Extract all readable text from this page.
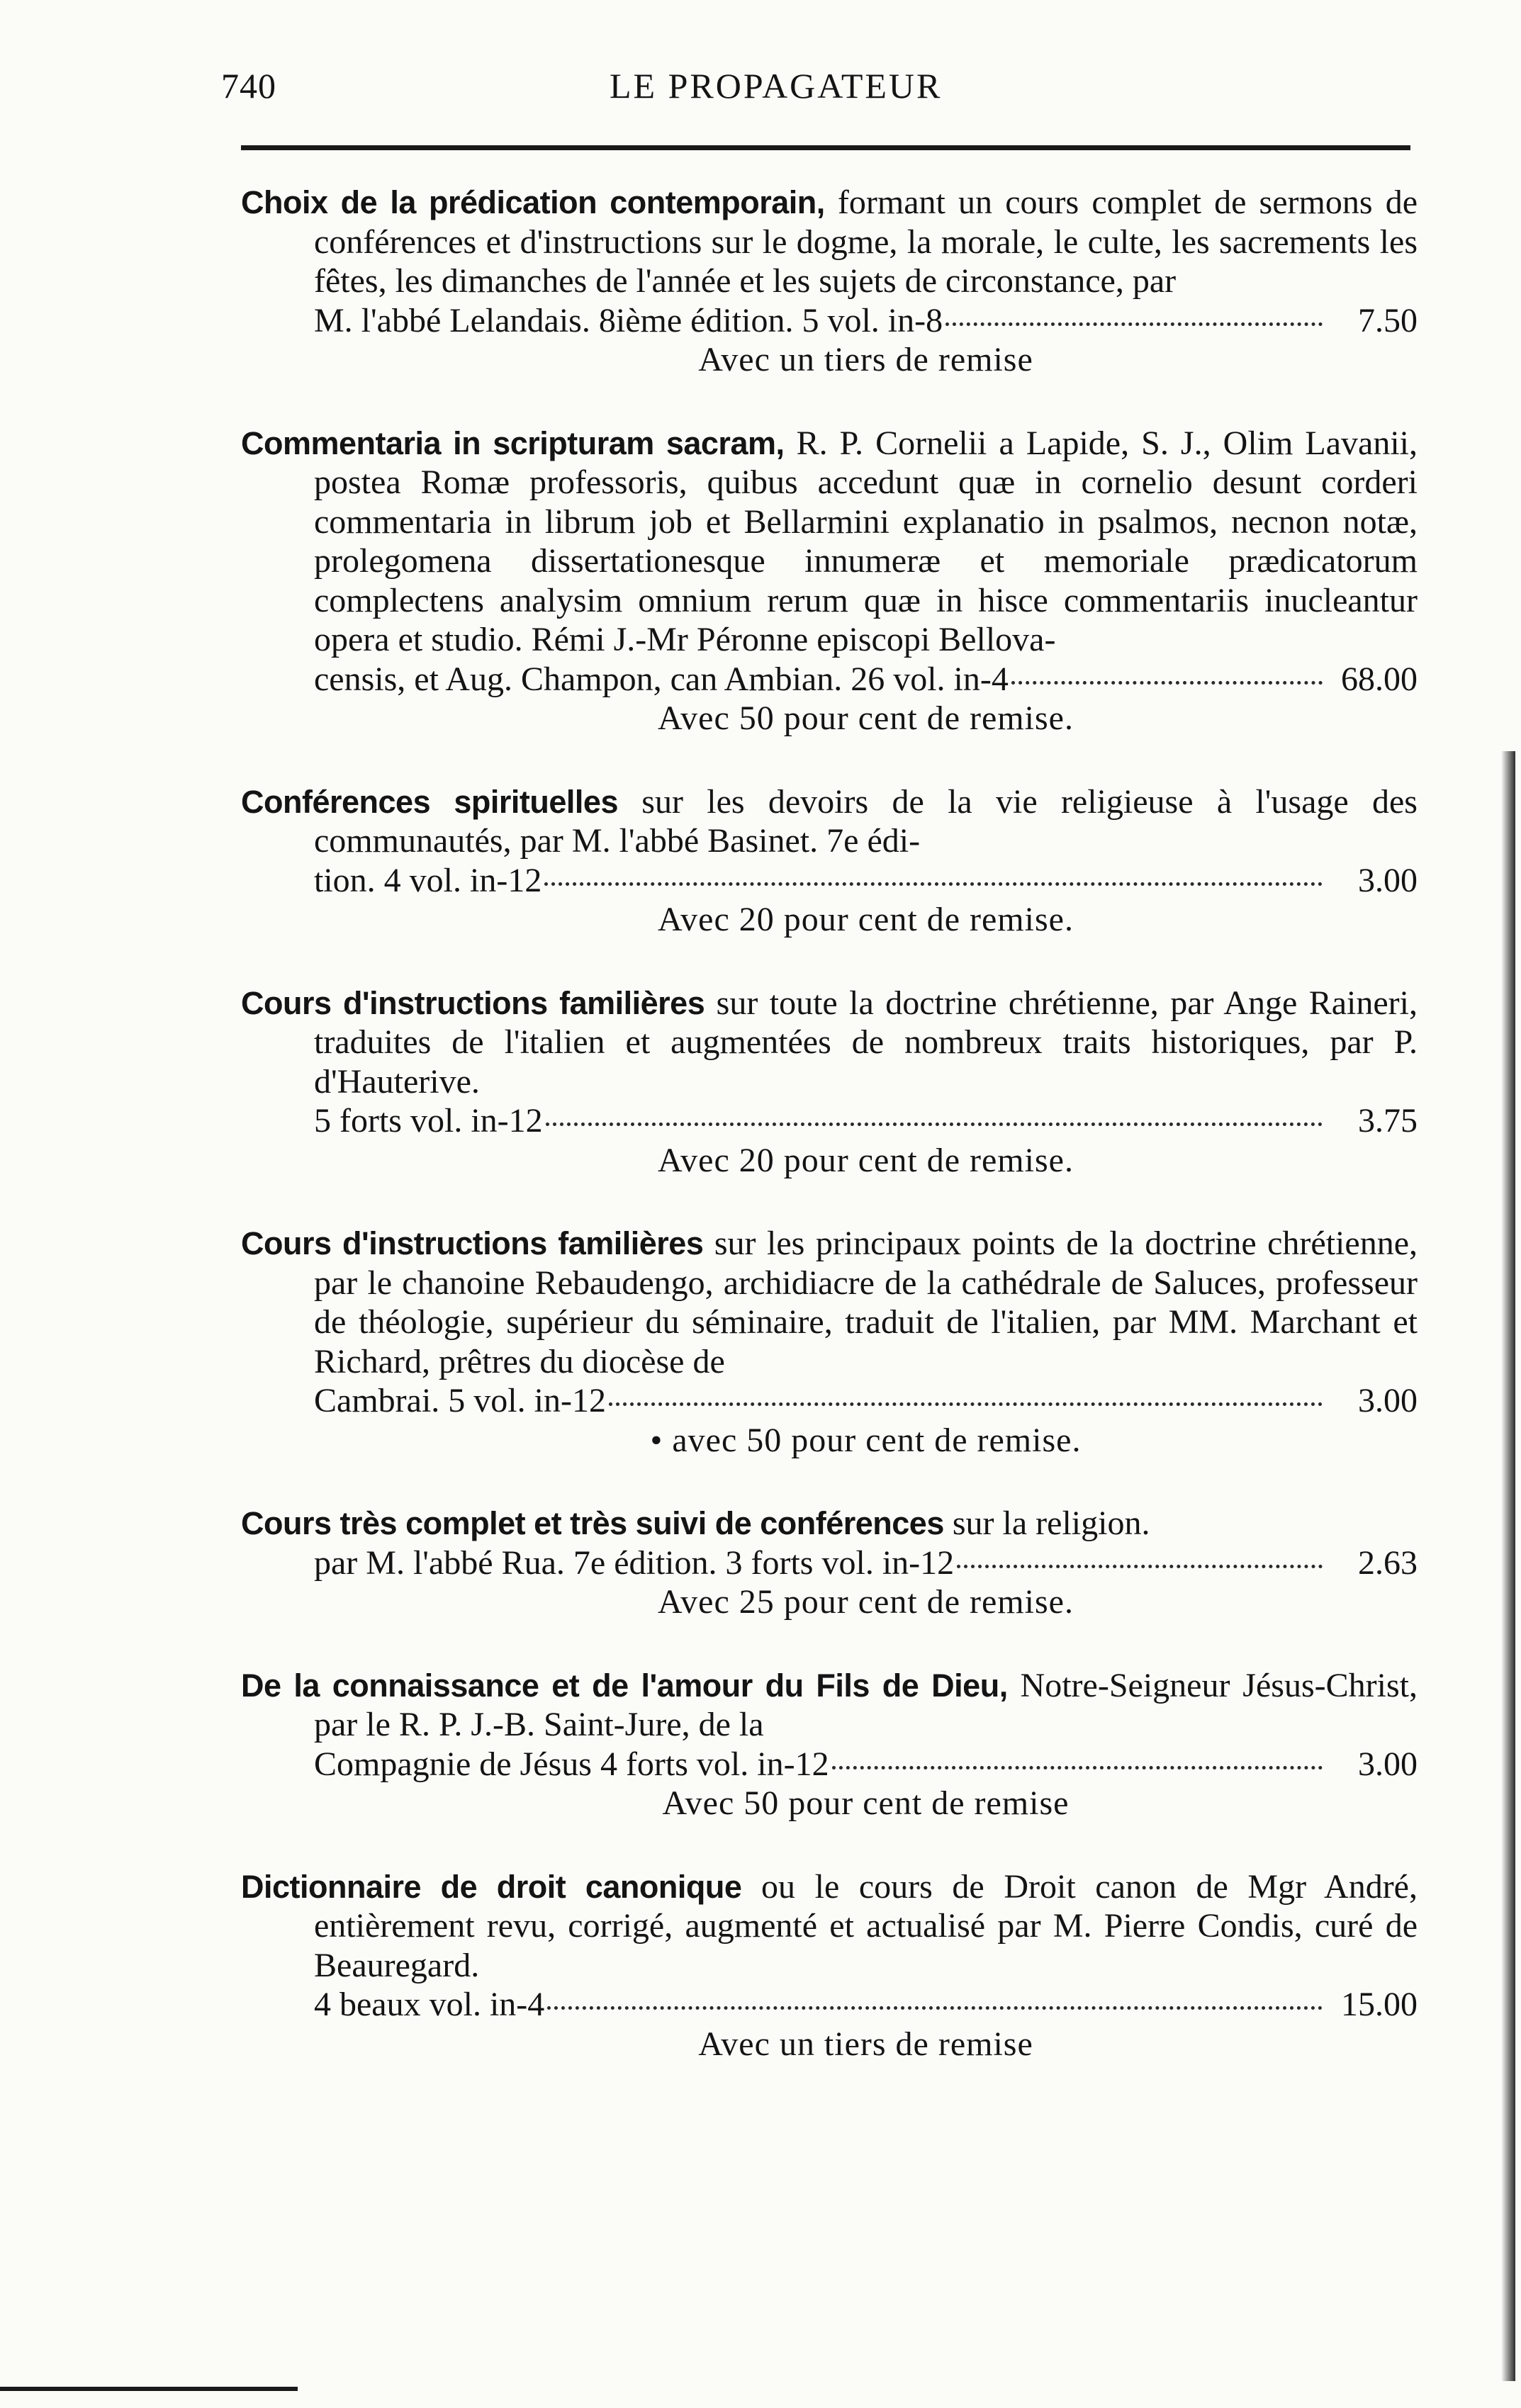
740	LE PROPAGATEUR

Choix de la prédication contemporain, formant un cours complet de sermons de conférences et d'instructions sur le dogme, la morale, le culte, les sacrements les fêtes, les dimanches de l'année et les sujets de circonstance, par

M. l'abbé Lelandais. 8ième édition. 5 vol. in-8	7.50
Avec un tiers de remise

Commentaria in scripturam sacram, R. P. Cornelii a Lapide, S. J., Olim Lavanii, postea Romæ professoris, quibus accedunt quæ in cornelio desunt corderi commentaria in librum job et Bellarmini explanatio in psalmos, necnon notæ, prolegomena dissertationesque innumeræ et memoriale prædicatorum complectens analysim omnium rerum quæ in hisce commentariis inucleantur opera et studio. Rémi J.-Mr Péronne episcopi Bellova-

censis, et Aug. Champon, can Ambian. 26 vol. in-4	68.00
Avec 50 pour cent de remise.

Conférences spirituelles sur les devoirs de la vie religieuse à l'usage des communautés, par M. l'abbé Basinet. 7e édi-

tion. 4 vol. in-12	3.00
Avec 20 pour cent de remise.

Cours d'instructions familières sur toute la doctrine chrétienne, par Ange Raineri, traduites de l'italien et augmentées de nombreux traits historiques, par P. d'Hauterive.

5 forts vol. in-12	3.75
Avec 20 pour cent de remise.

Cours d'instructions familières sur les principaux points de la doctrine chrétienne, par le chanoine Rebaudengo, archidiacre de la cathédrale de Saluces, professeur de théologie, supérieur du séminaire, traduit de l'italien, par MM. Marchant et Richard, prêtres du diocèse de

Cambrai. 5 vol. in-12	3.00
• avec 50 pour cent de remise.

Cours très complet et très suivi de conférences sur la religion.

par M. l'abbé Rua. 7e édition. 3 forts vol. in-12	2.63
Avec 25 pour cent de remise.

De la connaissance et de l'amour du Fils de Dieu, Notre-Seigneur Jésus-Christ, par le R. P. J.-B. Saint-Jure, de la

Compagnie de Jésus 4 forts vol. in-12	3.00
Avec 50 pour cent de remise

Dictionnaire de droit canonique ou le cours de Droit canon de Mgr André, entièrement revu, corrigé, augmenté et actualisé par M. Pierre Condis, curé de Beauregard.

4 beaux vol. in-4	15.00
Avec un tiers de remise
